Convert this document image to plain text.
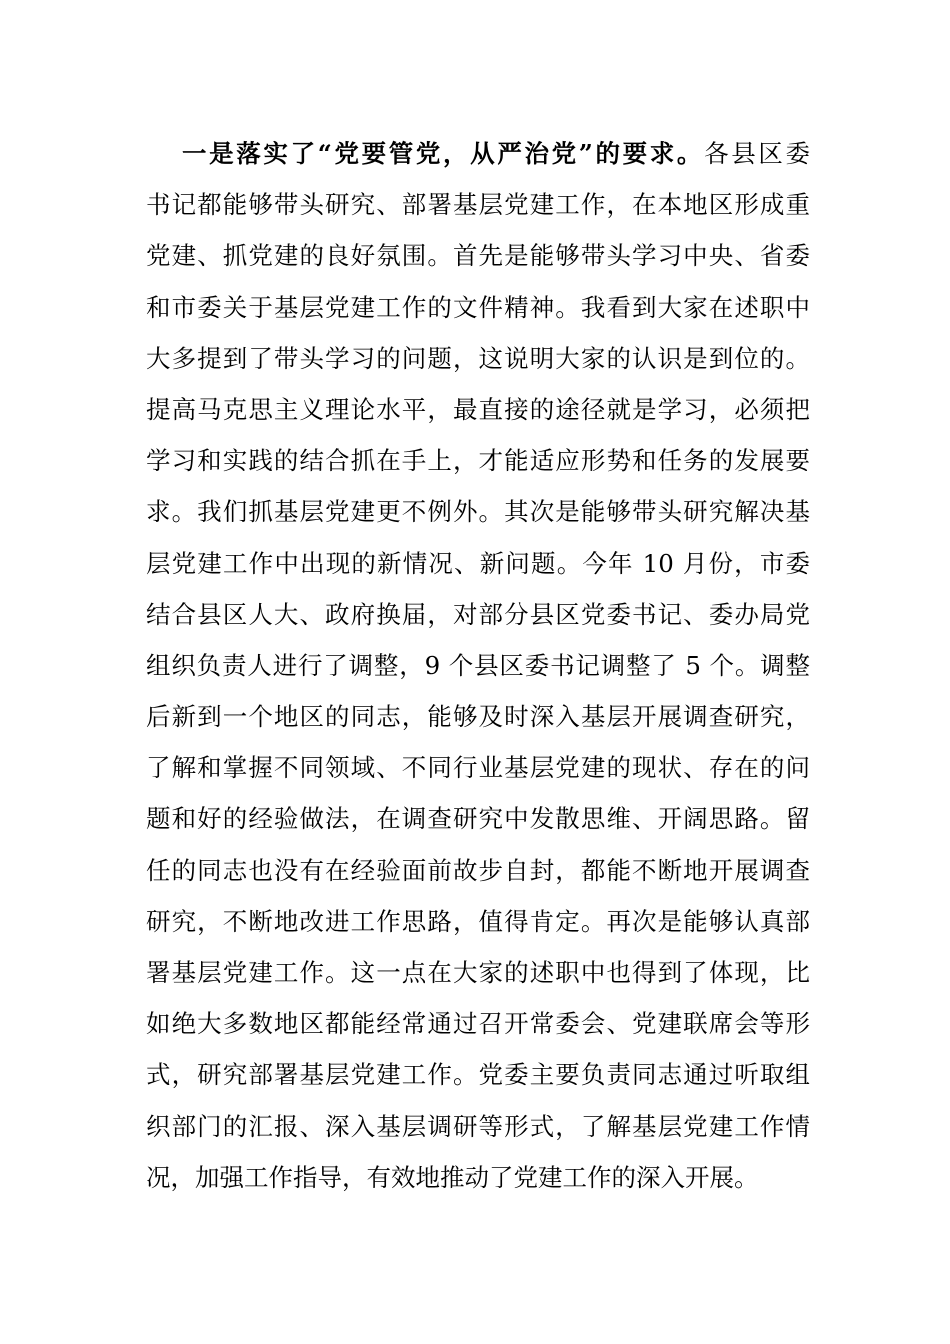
一是落实了“党要管党，从严治党”的要求。各县区委
书记都能够带头研究、部署基层党建工作，在本地区形成重
党建、抓党建的良好氛围。首先是能够带头学习中央、省委
和市委关于基层党建工作的文件精神。我看到大家在述职中
大多提到了带头学习的问题，这说明大家的认识是到位的。
提高马克思主义理论水平，最直接的途径就是学习，必须把
学习和实践的结合抓在手上，才能适应形势和任务的发展要
求。我们抓基层党建更不例外。其次是能够带头研究解决基
层党建工作中出现的新情况、新问题。今年 10 月份，市委
结合县区人大、政府换届，对部分县区党委书记、委办局党
组织负责人进行了调整，9 个县区委书记调整了 5 个。调整
后新到一个地区的同志，能够及时深入基层开展调查研究，
了解和掌握不同领域、不同行业基层党建的现状、存在的问
题和好的经验做法，在调查研究中发散思维、开阔思路。留
任的同志也没有在经验面前故步自封，都能不断地开展调查
研究，不断地改进工作思路，值得肯定。再次是能够认真部
署基层党建工作。这一点在大家的述职中也得到了体现，比
如绝大多数地区都能经常通过召开常委会、党建联席会等形
式，研究部署基层党建工作。党委主要负责同志通过听取组
织部门的汇报、深入基层调研等形式，了解基层党建工作情
况，加强工作指导，有效地推动了党建工作的深入开展。
